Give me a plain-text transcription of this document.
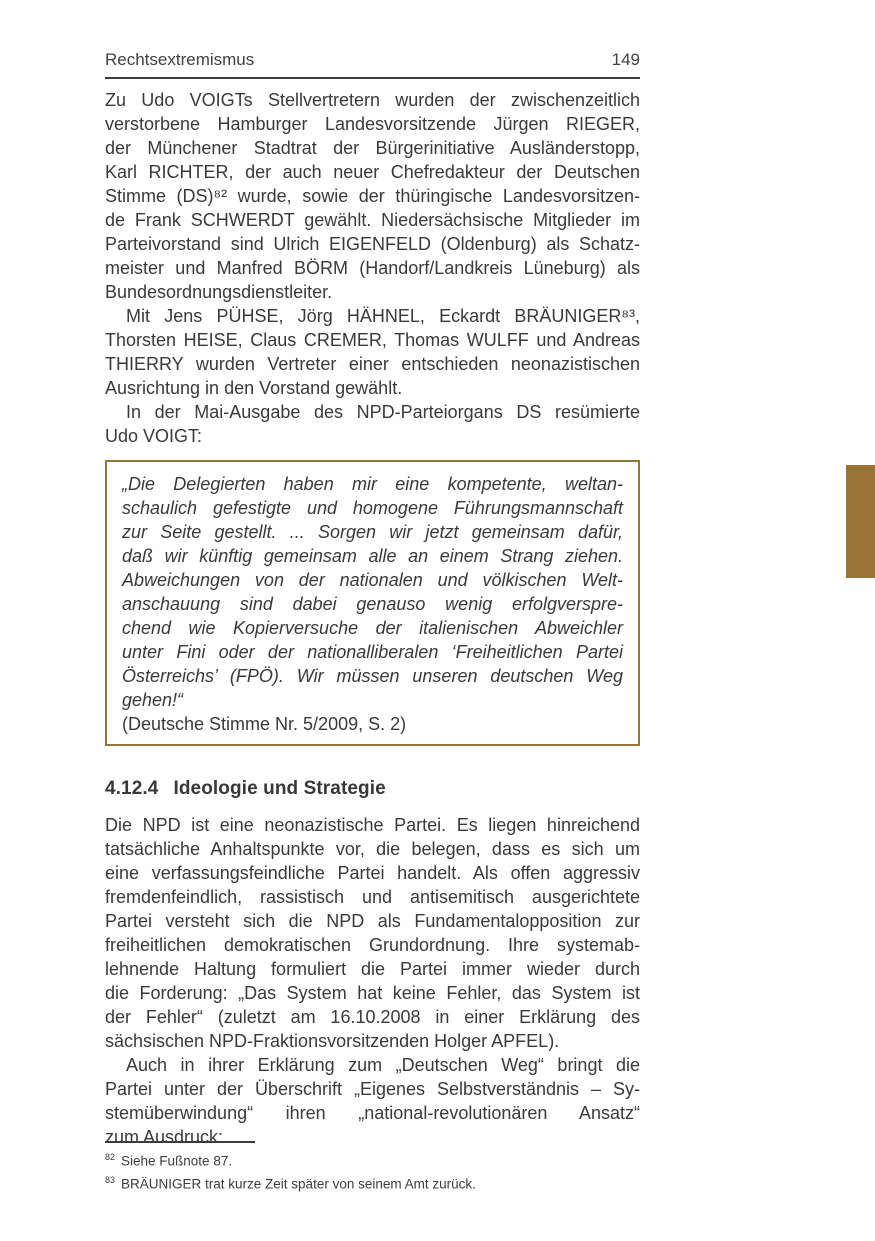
Rechtsextremismus	149
Zu Udo VOIGTs Stellvertretern wurden der zwischenzeitlich
verstorbene Hamburger Landesvorsitzende Jürgen RIEGER,
der Münchener Stadtrat der Bürgerinitiative Ausländerstopp,
Karl RICHTER, der auch neuer Chefredakteur der Deutschen
Stimme (DS)⁸² wurde, sowie der thüringische Landesvorsitzen-
de Frank SCHWERDT gewählt. Niedersächsische Mitglieder im
Parteivorstand sind Ulrich EIGENFELD (Oldenburg) als Schatz-
meister und Manfred BÖRM (Handorf/Landkreis Lüneburg) als
Bundesordnungsdienstleiter.
Mit Jens PÜHSE, Jörg HÄHNEL, Eckardt BRÄUNIGER⁸³,
Thorsten HEISE, Claus CREMER, Thomas WULFF und Andreas
THIERRY wurden Vertreter einer entschieden neonazistischen
Ausrichtung in den Vorstand gewählt.
In der Mai-Ausgabe des NPD-Parteiorgans DS resümierte
Udo VOIGT:
„Die Delegierten haben mir eine kompetente, weltan-
schaulich gefestigte und homogene Führungsmannschaft
zur Seite gestellt. ... Sorgen wir jetzt gemeinsam dafür,
daß wir künftig gemeinsam alle an einem Strang ziehen.
Abweichungen von der nationalen und völkischen Welt-
anschauung sind dabei genauso wenig erfolgverspre-
chend wie Kopierversuche der italienischen Abweichler
unter Fini oder der nationalliberalen ‘Freiheitlichen Partei
Österreichs’ (FPÖ). Wir müssen unseren deutschen Weg
gehen!“
(Deutsche Stimme Nr. 5/2009, S. 2)
4.12.4 Ideologie und Strategie
Die NPD ist eine neonazistische Partei. Es liegen hinreichend
tatsächliche Anhaltspunkte vor, die belegen, dass es sich um
eine verfassungsfeindliche Partei handelt. Als offen aggressiv
fremdenfeindlich, rassistisch und antisemitisch ausgerichtete
Partei versteht sich die NPD als Fundamentalopposition zur
freiheitlichen demokratischen Grundordnung. Ihre systemab-
lehnende Haltung formuliert die Partei immer wieder durch
die Forderung: „Das System hat keine Fehler, das System ist
der Fehler“ (zuletzt am 16.10.2008 in einer Erklärung des
sächsischen NPD-Fraktionsvorsitzenden Holger APFEL).
Auch in ihrer Erklärung zum „Deutschen Weg“ bringt die
Partei unter der Überschrift „Eigenes Selbstverständnis – Sy-
stemüberwindung“ ihren „national-revolutionären Ansatz“
zum Ausdruck:
$^{82}$ Siehe Fußnote 87.
$^{83}$ BRÄUNIGER trat kurze Zeit später von seinem Amt zurück.
